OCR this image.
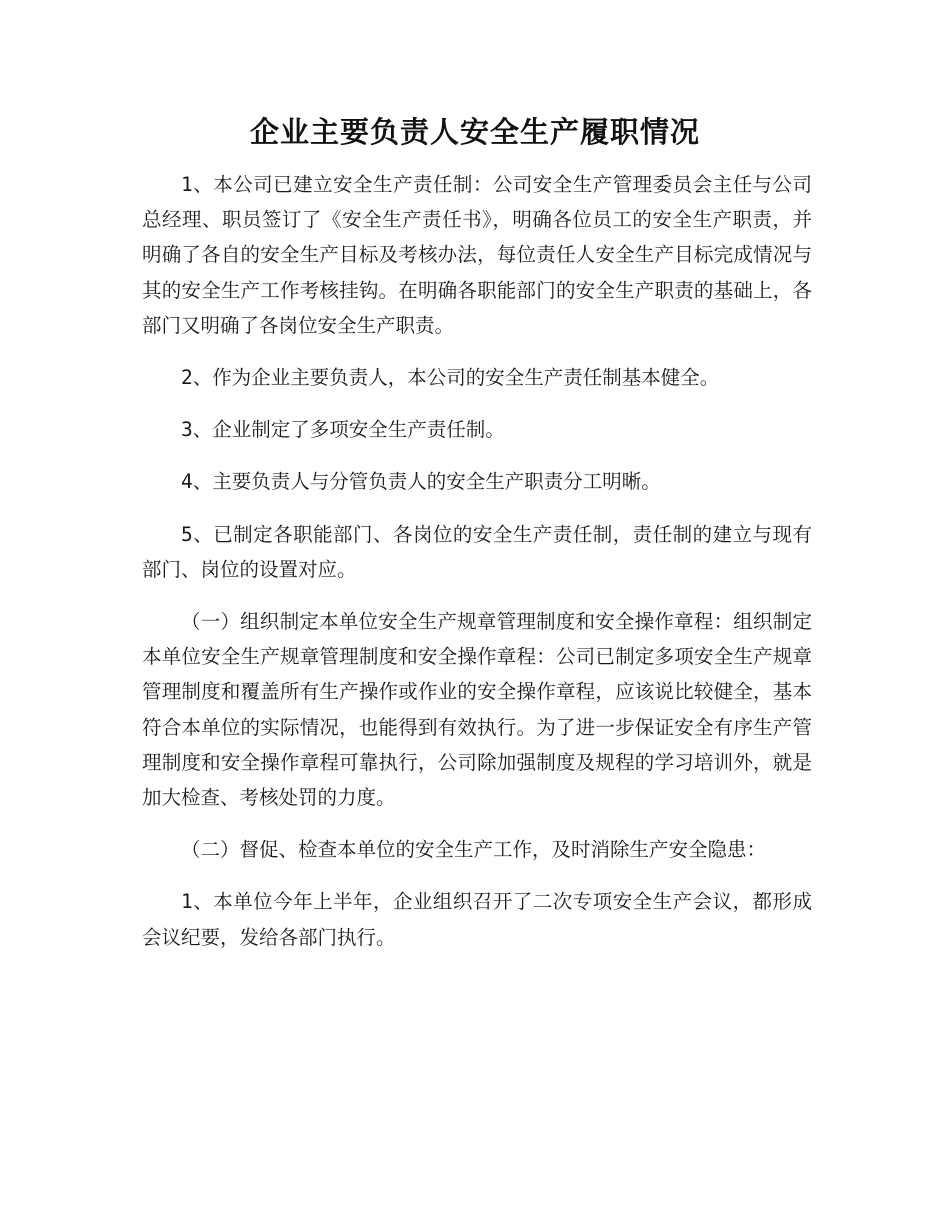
企业主要负责人安全生产履职情况

1、本公司已建立安全生产责任制：公司安全生产管理委员会主任与公司总经理、职员签订了《安全生产责任书》，明确各位员工的安全生产职责，并明确了各自的安全生产目标及考核办法，每位责任人安全生产目标完成情况与其的安全生产工作考核挂钩。在明确各职能部门的安全生产职责的基础上，各部门又明确了各岗位安全生产职责。

2、作为企业主要负责人，本公司的安全生产责任制基本健全。

3、企业制定了多项安全生产责任制。

4、主要负责人与分管负责人的安全生产职责分工明晰。

5、已制定各职能部门、各岗位的安全生产责任制，责任制的建立与现有部门、岗位的设置对应。

（一）组织制定本单位安全生产规章管理制度和安全操作章程：组织制定本单位安全生产规章管理制度和安全操作章程：公司已制定多项安全生产规章管理制度和覆盖所有生产操作或作业的安全操作章程，应该说比较健全，基本符合本单位的实际情况，也能得到有效执行。为了进一步保证安全有序生产管理制度和安全操作章程可靠执行，公司除加强制度及规程的学习培训外，就是加大检查、考核处罚的力度。

（二）督促、检查本单位的安全生产工作，及时消除生产安全隐患：

1、本单位今年上半年，企业组织召开了二次专项安全生产会议，都形成会议纪要，发给各部门执行。
